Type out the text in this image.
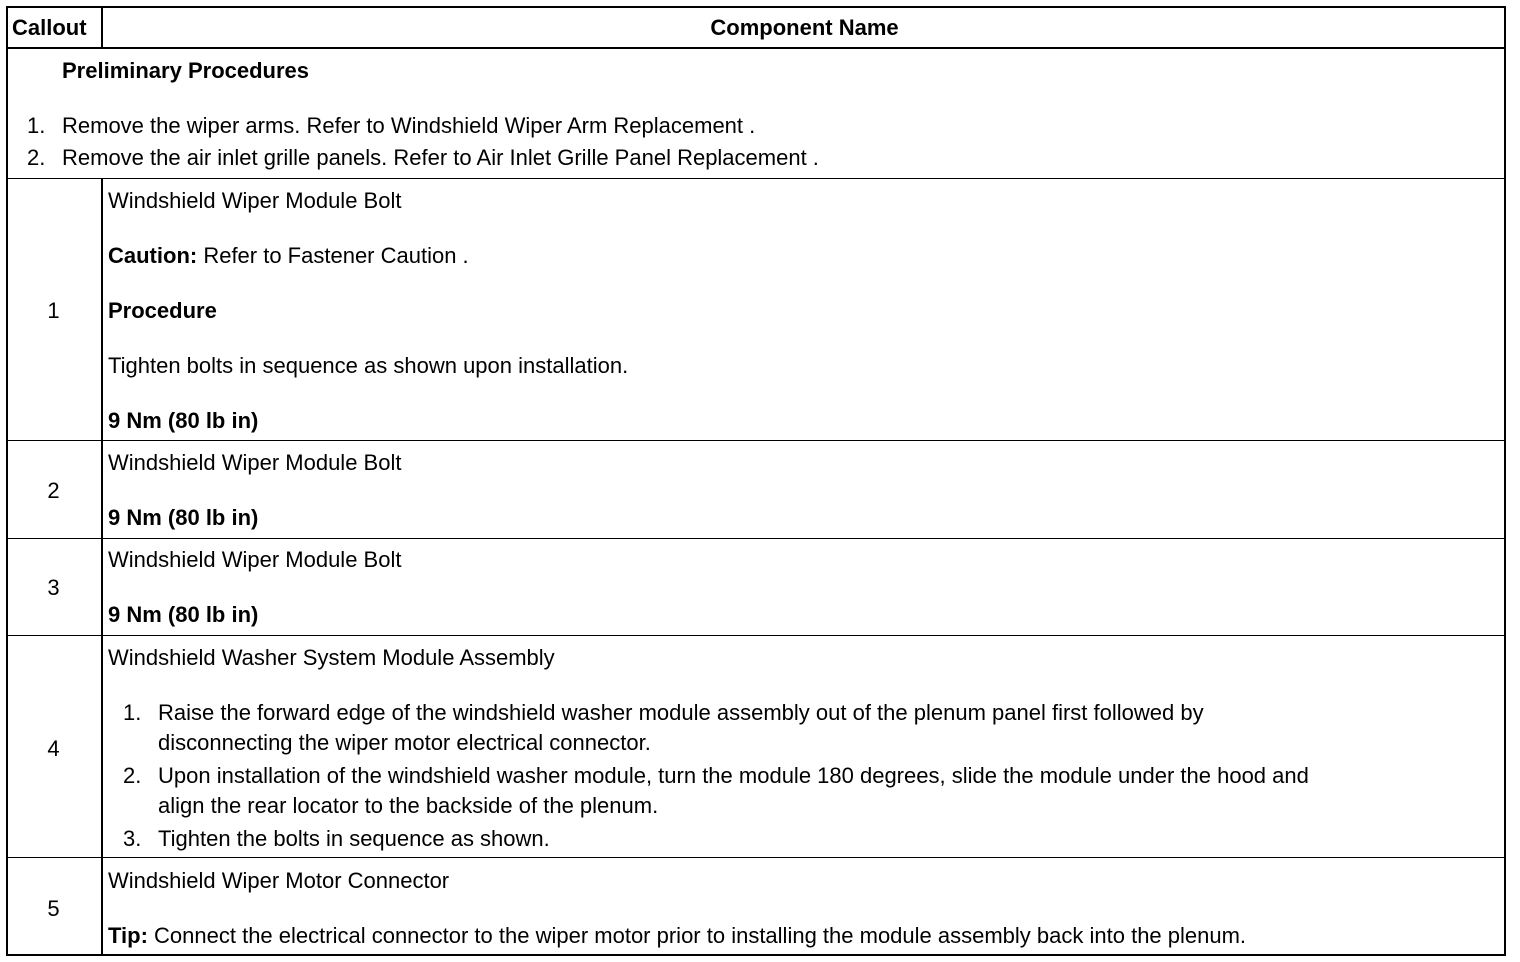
Callout	Component Name
Preliminary Procedures
1. Remove the wiper arms. Refer to Windshield Wiper Arm Replacement .
2. Remove the air inlet grille panels. Refer to Air Inlet Grille Panel Replacement .
1
Windshield Wiper Module Bolt
Caution: Refer to Fastener Caution .
Procedure
Tighten bolts in sequence as shown upon installation.
9 Nm (80 lb in)
2
Windshield Wiper Module Bolt
9 Nm (80 lb in)
3
Windshield Wiper Module Bolt
9 Nm (80 lb in)
4
Windshield Washer System Module Assembly
1. Raise the forward edge of the windshield washer module assembly out of the plenum panel first followed by
disconnecting the wiper motor electrical connector.
2. Upon installation of the windshield washer module, turn the module 180 degrees, slide the module under the hood and
align the rear locator to the backside of the plenum.
3. Tighten the bolts in sequence as shown.
5
Windshield Wiper Motor Connector
Tip: Connect the electrical connector to the wiper motor prior to installing the module assembly back into the plenum.
